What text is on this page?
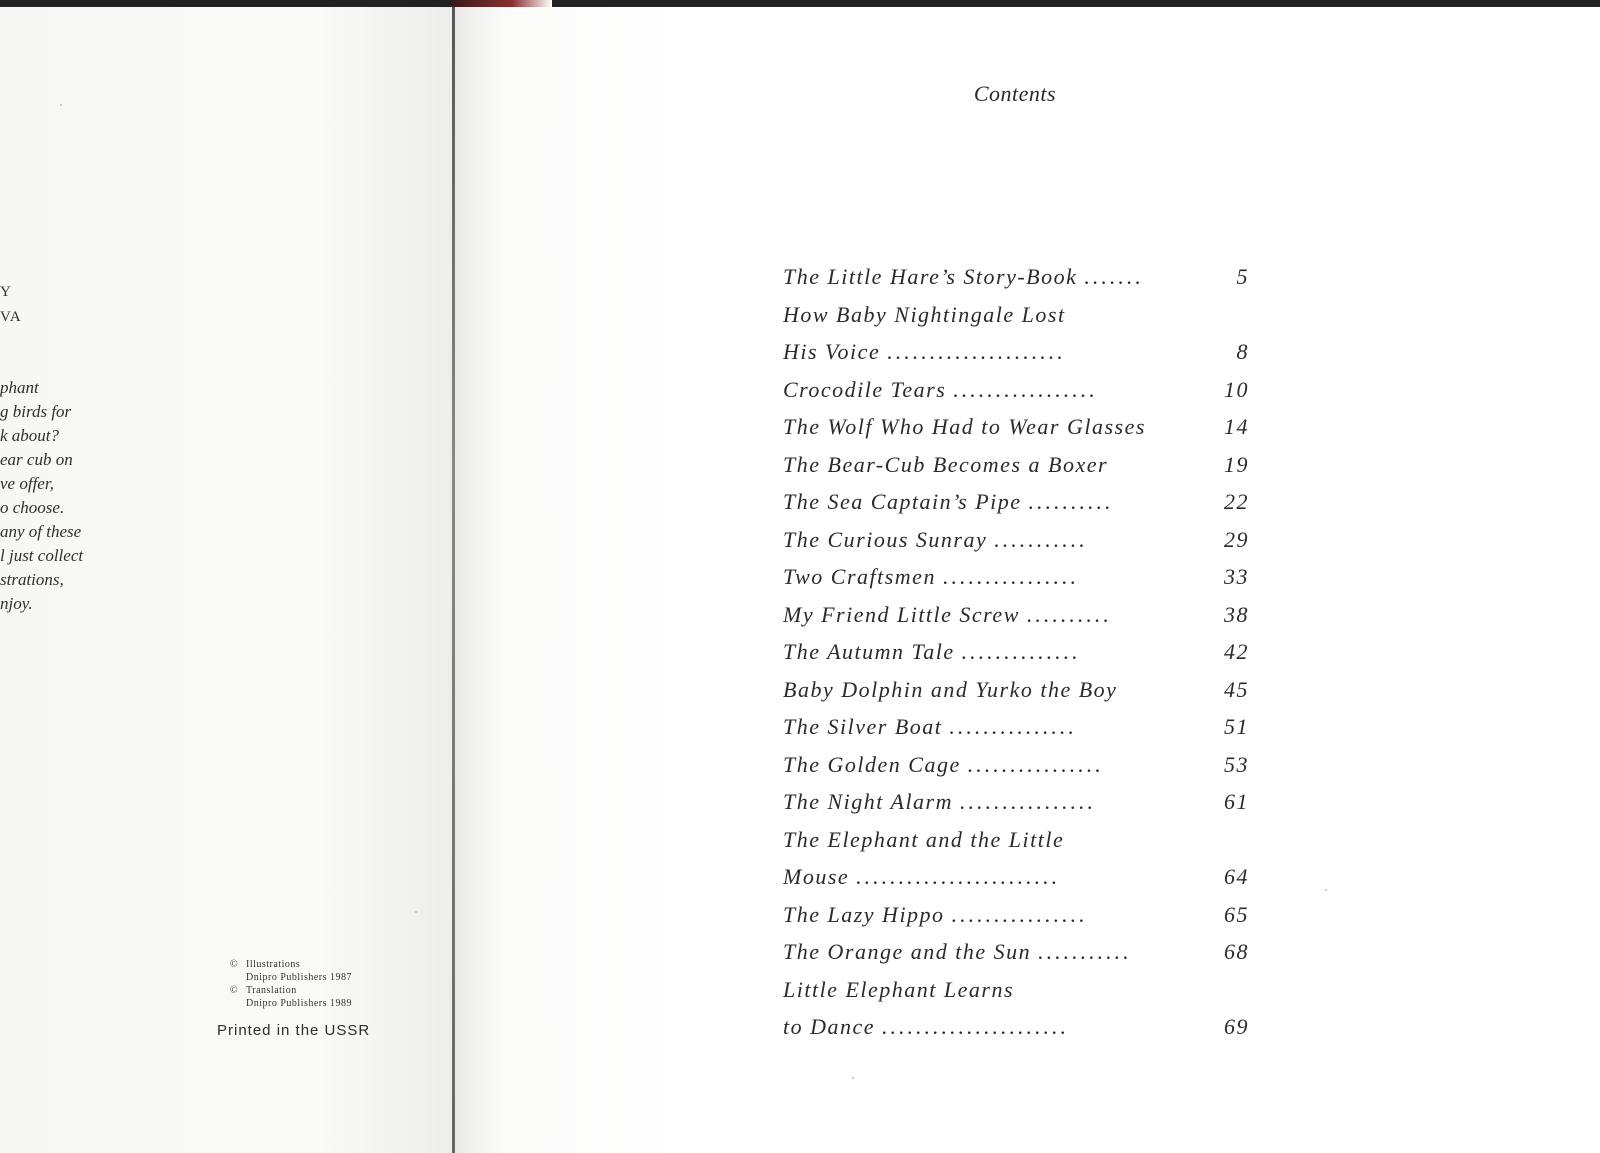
Y
VA
phant
g birds for
k about?
ear cub on
ve offer,
o choose.
any of these
l just collect
strations,
njoy.
© Illustrations
Dnipro Publishers 1987
© Translation
Dnipro Publishers 1989
Printed in the USSR
Contents
The Little Hare’s Story-Book .......	5
How Baby Nightingale Lost
His Voice .....................	8
Crocodile Tears .................	10
The Wolf Who Had to Wear Glasses	14
The Bear-Cub Becomes a Boxer	19
The Sea Captain’s Pipe ..........	22
The Curious Sunray ...........	29
Two Craftsmen ................	33
My Friend Little Screw ..........	38
The Autumn Tale ..............	42
Baby Dolphin and Yurko the Boy	45
The Silver Boat ...............	51
The Golden Cage ................	53
The Night Alarm ................	61
The Elephant and the Little
Mouse ........................	64
The Lazy Hippo ................	65
The Orange and the Sun ...........	68
Little Elephant Learns
to Dance ......................	69
